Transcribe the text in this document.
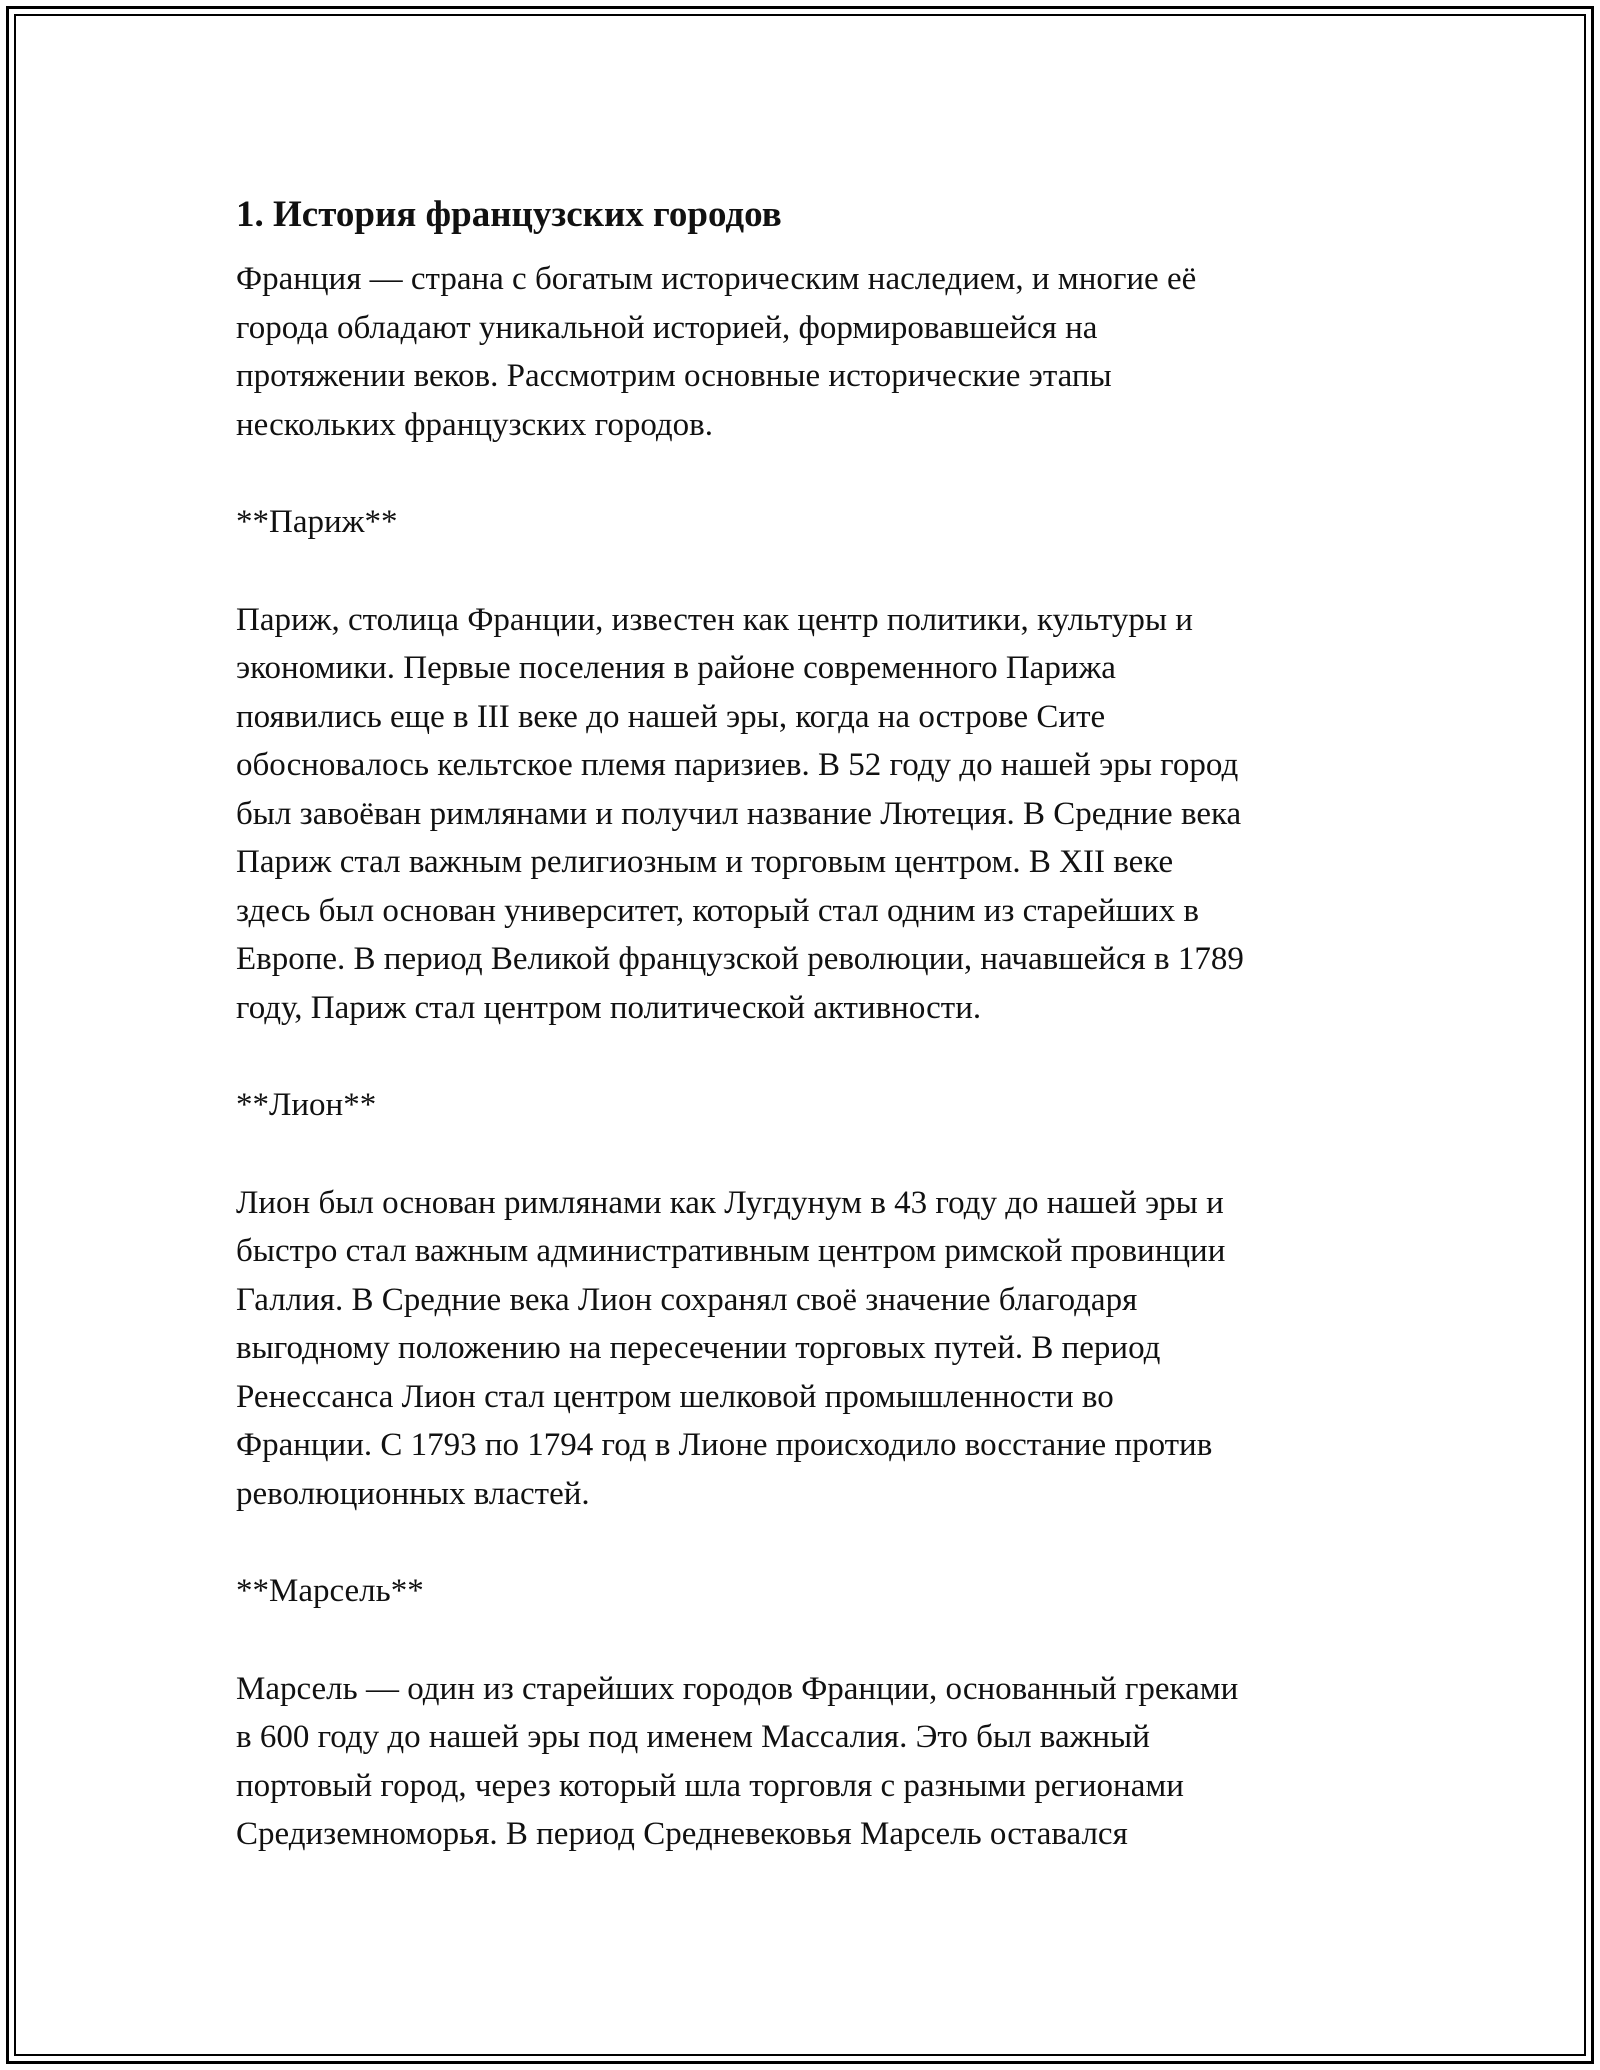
1. История французских городов
Франция — страна с богатым историческим наследием, и многие её
города обладают уникальной историей, формировавшейся на
протяжении веков. Рассмотрим основные исторические этапы
нескольких французских городов.
**Париж**
Париж, столица Франции, известен как центр политики, культуры и
экономики. Первые поселения в районе современного Парижа
появились еще в III веке до нашей эры, когда на острове Сите
обосновалось кельтское племя паризиев. В 52 году до нашей эры город
был завоёван римлянами и получил название Лютеция. В Средние века
Париж стал важным религиозным и торговым центром. В XII веке
здесь был основан университет, который стал одним из старейших в
Европе. В период Великой французской революции, начавшейся в 1789
году, Париж стал центром политической активности.
**Лион**
Лион был основан римлянами как Лугдунум в 43 году до нашей эры и
быстро стал важным административным центром римской провинции
Галлия. В Средние века Лион сохранял своё значение благодаря
выгодному положению на пересечении торговых путей. В период
Ренессанса Лион стал центром шелковой промышленности во
Франции. С 1793 по 1794 год в Лионе происходило восстание против
революционных властей.
**Марсель**
Марсель — один из старейших городов Франции, основанный греками
в 600 году до нашей эры под именем Массалия. Это был важный
портовый город, через который шла торговля с разными регионами
Средиземноморья. В период Средневековья Марсель оставался
